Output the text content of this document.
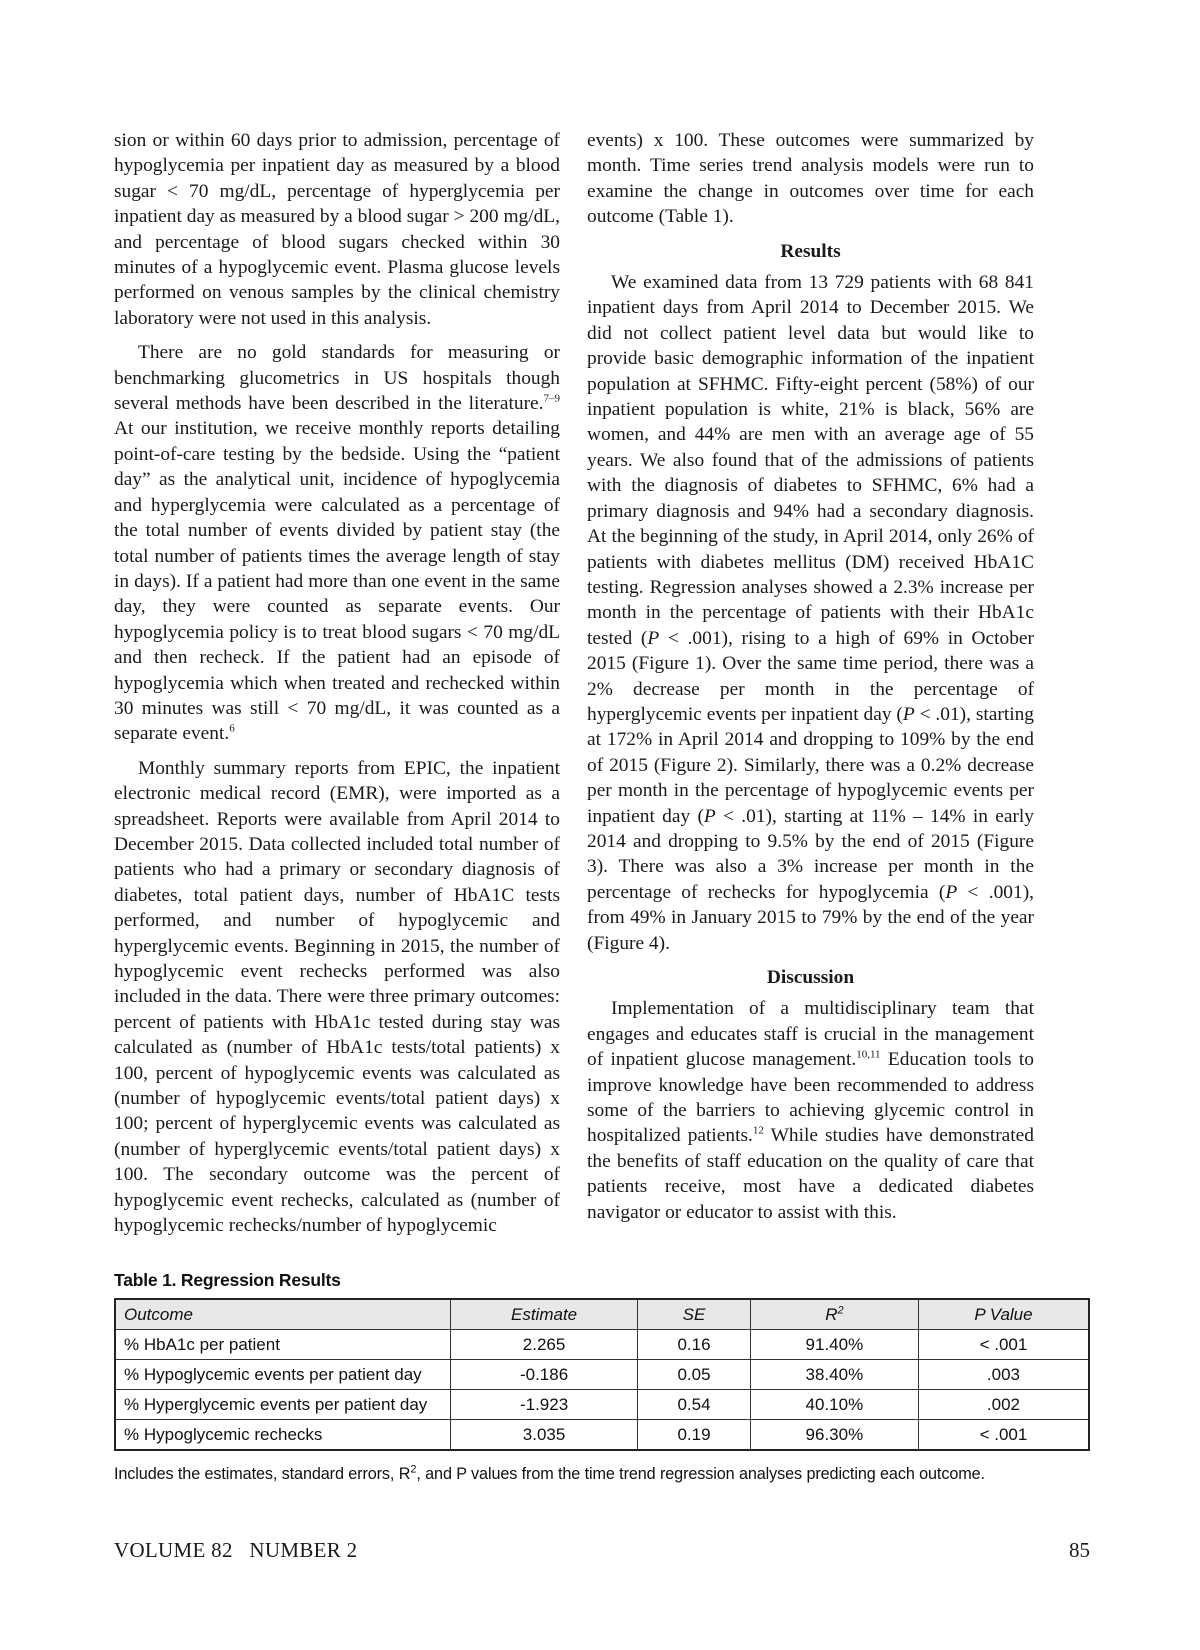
sion or within 60 days prior to admission, percentage of hypoglycemia per inpatient day as measured by a blood sugar < 70 mg/dL, percentage of hyperglycemia per inpatient day as measured by a blood sugar > 200 mg/dL, and percentage of blood sugars checked within 30 minutes of a hypoglycemic event. Plasma glucose levels performed on venous samples by the clinical chemistry laboratory were not used in this analysis.

There are no gold standards for measuring or benchmarking glucometrics in US hospitals though several methods have been described in the literature.$^{7-9}$ At our institution, we receive monthly reports detailing point-of-care testing by the bedside. Using the “patient day” as the analytical unit, incidence of hypoglycemia and hyperglycemia were calculated as a percentage of the total number of events divided by patient stay (the total number of patients times the average length of stay in days). If a patient had more than one event in the same day, they were counted as separate events. Our hypoglycemia policy is to treat blood sugars < 70 mg/dL and then recheck. If the patient had an episode of hypoglycemia which when treated and rechecked within 30 minutes was still < 70 mg/dL, it was counted as a separate event.$^6$

Monthly summary reports from EPIC, the inpatient electronic medical record (EMR), were imported as a spreadsheet. Reports were available from April 2014 to December 2015. Data collected included total number of patients who had a primary or secondary diagnosis of diabetes, total patient days, number of HbA1C tests performed, and number of hypoglycemic and hyperglycemic events. Beginning in 2015, the number of hypoglycemic event rechecks performed was also included in the data. There were three primary outcomes: percent of patients with HbA1c tested during stay was calculated as (number of HbA1c tests/total patients) x 100, percent of hypoglycemic events was calculated as (number of hypoglycemic events/total patient days) x 100; percent of hyperglycemic events was calculated as (number of hyperglycemic events/total patient days) x 100. The secondary outcome was the percent of hypoglycemic event rechecks, calculated as (number of hypoglycemic rechecks/number of hypoglycemic

events) x 100. These outcomes were summarized by month. Time series trend analysis models were run to examine the change in outcomes over time for each outcome (Table 1).

Results

We examined data from 13 729 patients with 68 841 inpatient days from April 2014 to December 2015. We did not collect patient level data but would like to provide basic demographic information of the inpatient population at SFHMC. Fifty-eight percent (58%) of our inpatient population is white, 21% is black, 56% are women, and 44% are men with an average age of 55 years. We also found that of the admissions of patients with the diagnosis of diabetes to SFHMC, 6% had a primary diagnosis and 94% had a secondary diagnosis. At the beginning of the study, in April 2014, only 26% of patients with diabetes mellitus (DM) received HbA1C testing. Regression analyses showed a 2.3% increase per month in the percentage of patients with their HbA1c tested (P < .001), rising to a high of 69% in October 2015 (Figure 1). Over the same time period, there was a 2% decrease per month in the percentage of hyperglycemic events per inpatient day (P < .01), starting at 172% in April 2014 and dropping to 109% by the end of 2015 (Figure 2). Similarly, there was a 0.2% decrease per month in the percentage of hypoglycemic events per inpatient day (P < .01), starting at 11% – 14% in early 2014 and dropping to 9.5% by the end of 2015 (Figure 3). There was also a 3% increase per month in the percentage of rechecks for hypoglycemia (P < .001), from 49% in January 2015 to 79% by the end of the year (Figure 4).

Discussion

Implementation of a multidisciplinary team that engages and educates staff is crucial in the management of inpatient glucose management.$^{10,11}$ Education tools to improve knowledge have been recommended to address some of the barriers to achieving glycemic control in hospitalized patients.$^{12}$ While studies have demonstrated the benefits of staff education on the quality of care that patients receive, most have a dedicated diabetes navigator or educator to assist with this.

Table 1. Regression Results
Outcome	Estimate	SE	$R^2$	P Value
% HbA1c per patient	2.265	0.16	91.40%	< .001
% Hypoglycemic events per patient day	-0.186	0.05	38.40%	.003
% Hyperglycemic events per patient day	-1.923	0.54	40.10%	.002
% Hypoglycemic rechecks	3.035	0.19	96.30%	< .001
Includes the estimates, standard errors, $R^2$, and P values from the time trend regression analyses predicting each outcome.
VOLUME 82   NUMBER 2	85
